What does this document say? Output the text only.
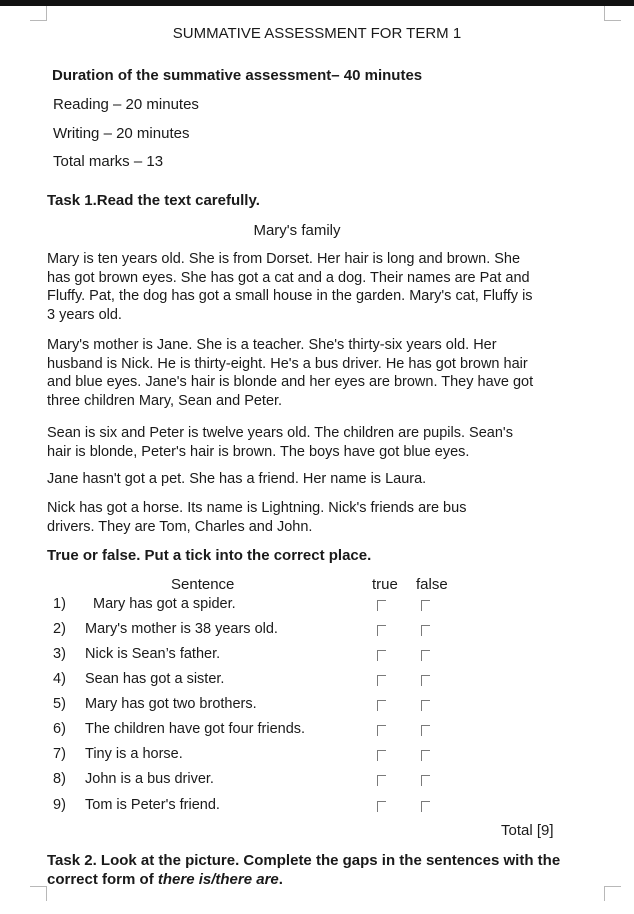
SUMMATIVE ASSESSMENT FOR TERM 1
Duration of the summative assessment– 40 minutes
Reading – 20 minutes
Writing – 20 minutes
Total marks – 13
Task 1.Read the text carefully.
Mary's family
Mary is ten years old. She is from Dorset. Her hair is long and brown. She
has got brown eyes. She has got a cat and a dog. Their names are Pat and
Fluffy. Pat, the dog has got a small house in the garden. Mary's cat, Fluffy is
3 years old.
Mary's mother is Jane. She is a teacher. She's thirty-six years old. Her
husband is Nick. He is thirty-eight. He's a bus driver. He has got brown hair
and blue eyes. Jane's hair is blonde and her eyes are brown. They have got
three children Mary, Sean and Peter.
Sean is six and Peter is twelve years old. The children are pupils. Sean's
hair is blonde, Peter's hair is brown. The boys have got blue eyes.
Jane hasn't got a pet. She has a friend. Her name is Laura.
Nick has got a horse. Its name is Lightning. Nick's friends are bus
drivers. They are Tom, Charles and John.
True or false. Put a tick into the correct place.
Sentence	true false
1) Mary has got a spider.
2) Mary's mother is 38 years old.
3) Nick is Sean’s father.
4) Sean has got a sister.
5) Mary has got two brothers.
6) The children have got four friends.
7) Tiny is a horse.
8) John is a bus driver.
9) Tom is Peter's friend.
Total [9]
Task 2. Look at the picture. Complete the gaps in the sentences with the
correct form of there is/there are.
